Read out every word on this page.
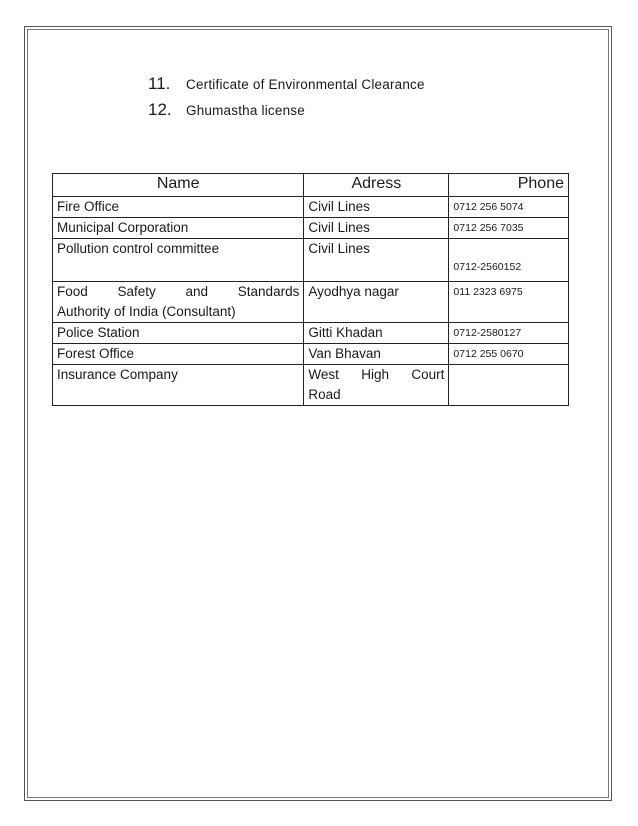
11.	Certificate of Environmental Clearance
12.	Ghumastha license
Name	Adress	Phone
Fire Office	Civil Lines	0712 256 5074
Municipal Corporation	Civil Lines	0712 256 7035
Pollution control committee	Civil Lines	0712-2560152

Food Safety and Standards
Authority of India (Consultant)	Ayodhya nagar	011 2323 6975
Police Station	Gitti Khadan	0712-2580127
Forest Office	Van Bhavan	0712 255 0670
Insurance Company	West High Court
Road	
